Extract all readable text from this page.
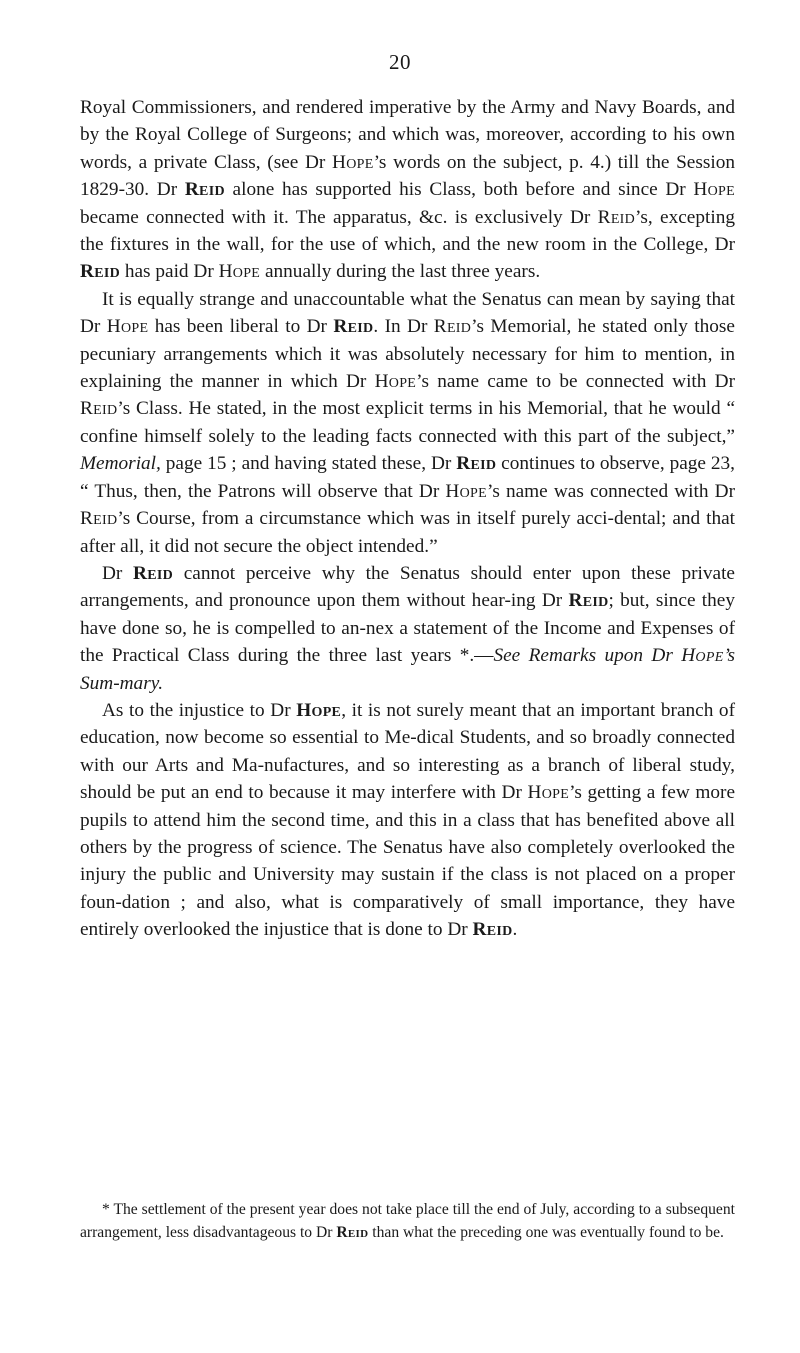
20

Royal Commissioners, and rendered imperative by the Army and Navy Boards, and by the Royal College of Surgeons; and which was, moreover, according to his own words, a private Class, (see Dr Hope’s words on the subject, p. 4.) till the Session 1829-30. Dr Reid alone has supported his Class, both before and since Dr Hope became connected with it. The apparatus, &c. is exclusively Dr Reid’s, excepting the fixtures in the wall, for the use of which, and the new room in the College, Dr Reid has paid Dr Hope annually during the last three years.

It is equally strange and unaccountable what the Senatus can mean by saying that Dr Hope has been liberal to Dr Reid. In Dr Reid’s Memorial, he stated only those pecuniary arrangements which it was absolutely necessary for him to mention, in explaining the manner in which Dr Hope’s name came to be connected with Dr Reid’s Class. He stated, in the most explicit terms in his Memorial, that he would “ confine himself solely to the leading facts connected with this part of the subject,” Memorial, page 15 ; and having stated these, Dr Reid continues to observe, page 23, “ Thus, then, the Patrons will observe that Dr Hope’s name was connected with Dr Reid’s Course, from a circumstance which was in itself purely acci-dental; and that after all, it did not secure the object intended.”

Dr Reid cannot perceive why the Senatus should enter upon these private arrangements, and pronounce upon them without hear-ing Dr Reid; but, since they have done so, he is compelled to an-nex a statement of the Income and Expenses of the Practical Class during the three last years *.—See Remarks upon Dr Hope’s Sum-mary.

As to the injustice to Dr Hope, it is not surely meant that an important branch of education, now become so essential to Me-dical Students, and so broadly connected with our Arts and Ma-nufactures, and so interesting as a branch of liberal study, should be put an end to because it may interfere with Dr Hope’s getting a few more pupils to attend him the second time, and this in a class that has benefited above all others by the progress of science. The Senatus have also completely overlooked the injury the public and University may sustain if the class is not placed on a proper foun-dation ; and also, what is comparatively of small importance, they have entirely overlooked the injustice that is done to Dr Reid.

* The settlement of the present year does not take place till the end of July, according to a subsequent arrangement, less disadvantageous to Dr Reid than what the preceding one was eventually found to be.
